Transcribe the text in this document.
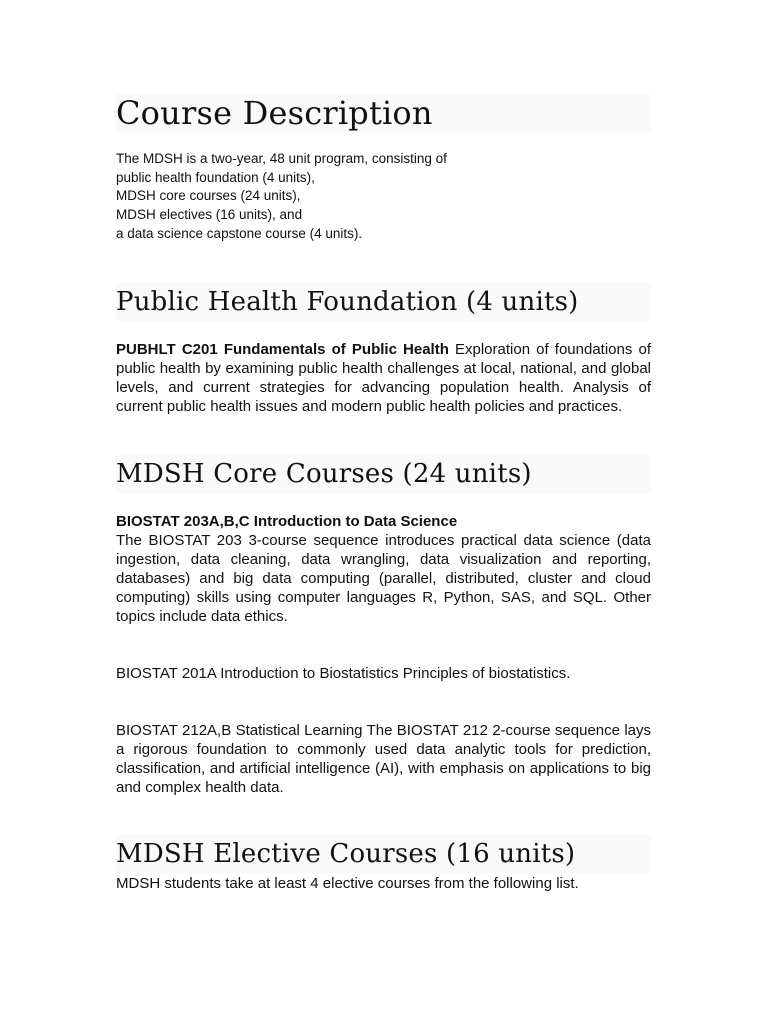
Course Description
The MDSH is a two-year, 48 unit program, consisting of
public health foundation (4 units),
MDSH core courses (24 units),
MDSH electives (16 units), and
a data science capstone course (4 units).
Public Health Foundation (4 units)

PUBHLT C201 Fundamentals of Public Health Exploration of foundations of public health by examining public health challenges at local, national, and global levels, and current strategies for advancing population health. Analysis of current public health issues and modern public health policies and practices.

MDSH Core Courses (24 units)

BIOSTAT 203A,B,C Introduction to Data Science
The BIOSTAT 203 3-course sequence introduces practical data science (data ingestion, data cleaning, data wrangling, data visualization and reporting, databases) and big data computing (parallel, distributed, cluster and cloud computing) skills using computer languages R, Python, SAS, and SQL. Other topics include data ethics.

BIOSTAT 201A Introduction to Biostatistics Principles of biostatistics.

BIOSTAT 212A,B Statistical Learning The BIOSTAT 212 2-course sequence lays a rigorous foundation to commonly used data analytic tools for prediction, classification, and artificial intelligence (AI), with emphasis on applications to big and complex health data.

MDSH Elective Courses (16 units)

MDSH students take at least 4 elective courses from the following list.
